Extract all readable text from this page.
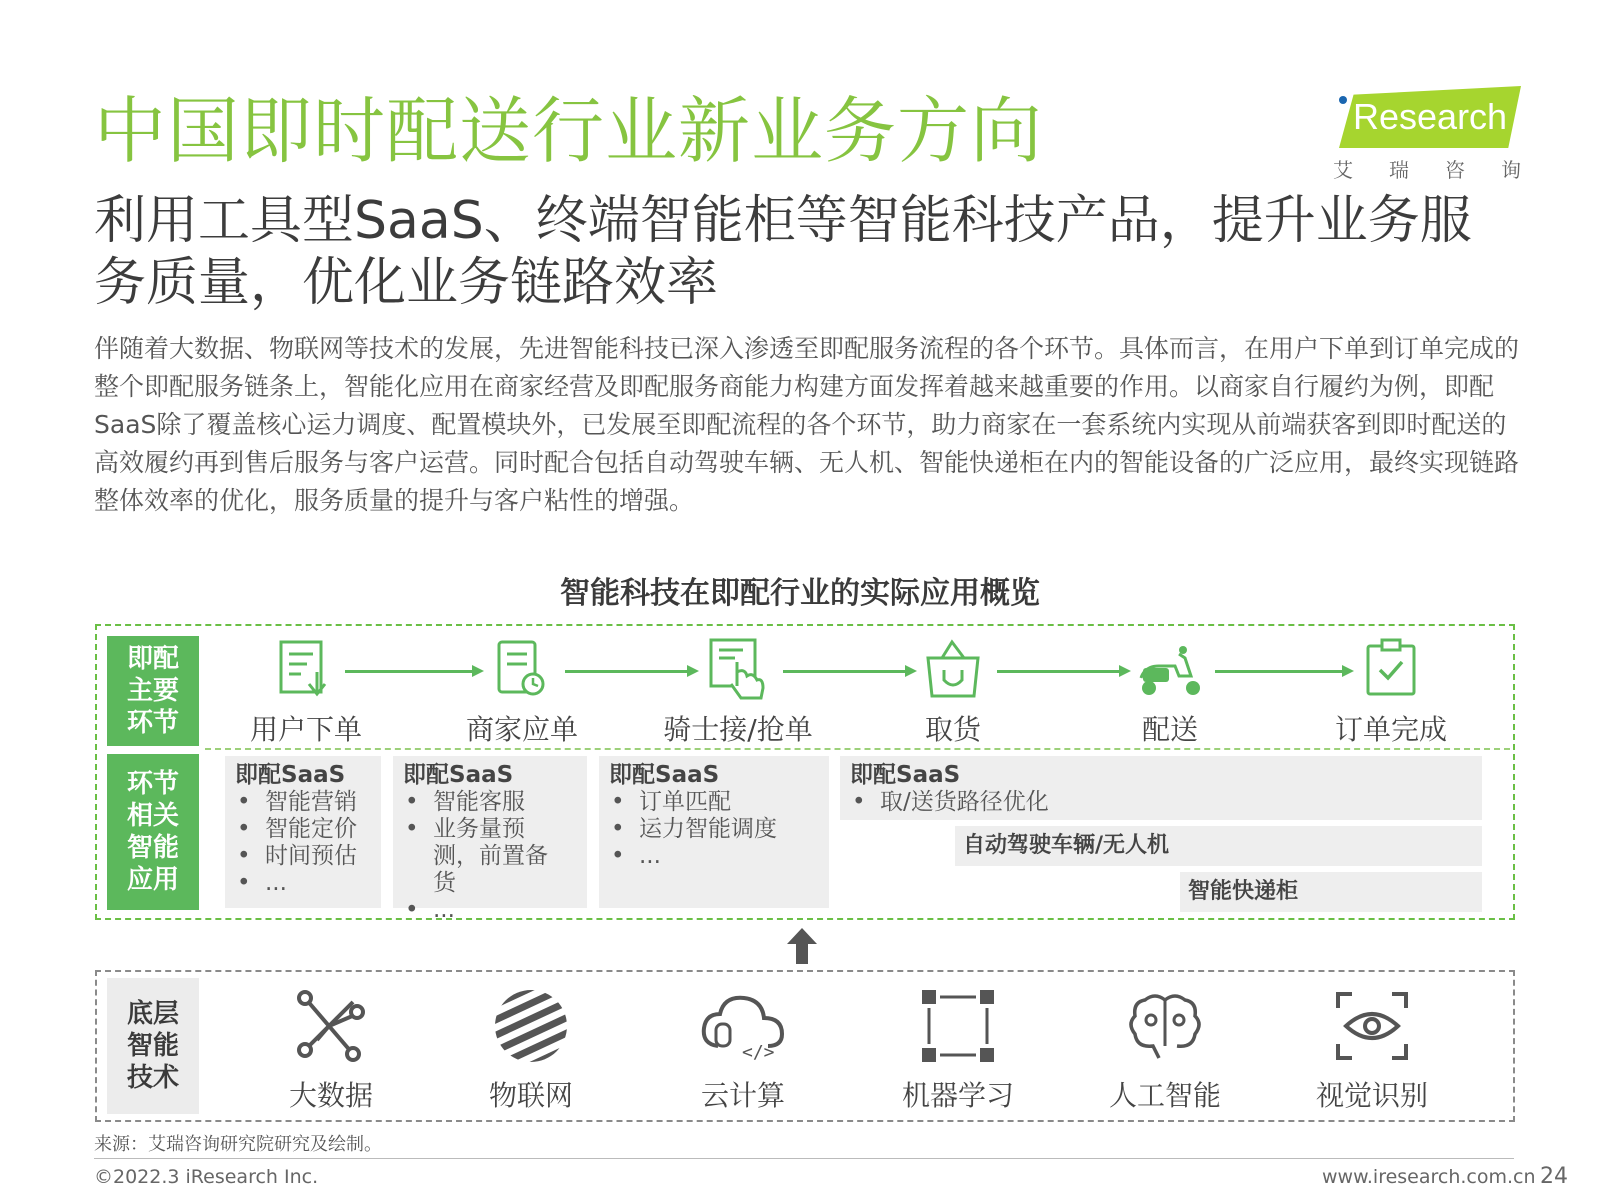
中国即时配送行业新业务方向
利用工具型SaaS、终端智能柜等智能科技产品，提升业务服务质量，优化业务链路效率
伴随着大数据、物联网等技术的发展，先进智能科技已深入渗透至即配服务流程的各个环节。具体而言，在用户下单到订单完成的整个即配服务链条上，智能化应用在商家经营及即配服务商能力构建方面发挥着越来越重要的作用。以商家自行履约为例，即配SaaS除了覆盖核心运力调度、配置模块外，已发展至即配流程的各个环节，助力商家在一套系统内实现从前端获客到即时配送的高效履约再到售后服务与客户运营。同时配合包括自动驾驶车辆、无人机、智能快递柜在内的智能设备的广泛应用，最终实现链路整体效率的优化，服务质量的提升与客户粘性的增强。
Research
艾瑞咨询
智能科技在即配行业的实际应用概览
即配主要环节
环节相关智能应用
底层智能技术
用户下单	商家应单	骑士接/抢单	取货	配送	订单完成
即配SaaS
• 智能营销
• 智能定价
• 时间预估
• ...
即配SaaS
• 智能客服
• 业务量预测，前置备货
• ...
即配SaaS
• 订单匹配
• 运力智能调度
• ...
即配SaaS
• 取/送货路径优化
自动驾驶车辆/无人机
智能快递柜
大数据	物联网
</>
云计算	机器学习	人工智能	视觉识别
来源：艾瑞咨询研究院研究及绘制。
©2022.3 iResearch Inc.	www.iresearch.com.cn 24
